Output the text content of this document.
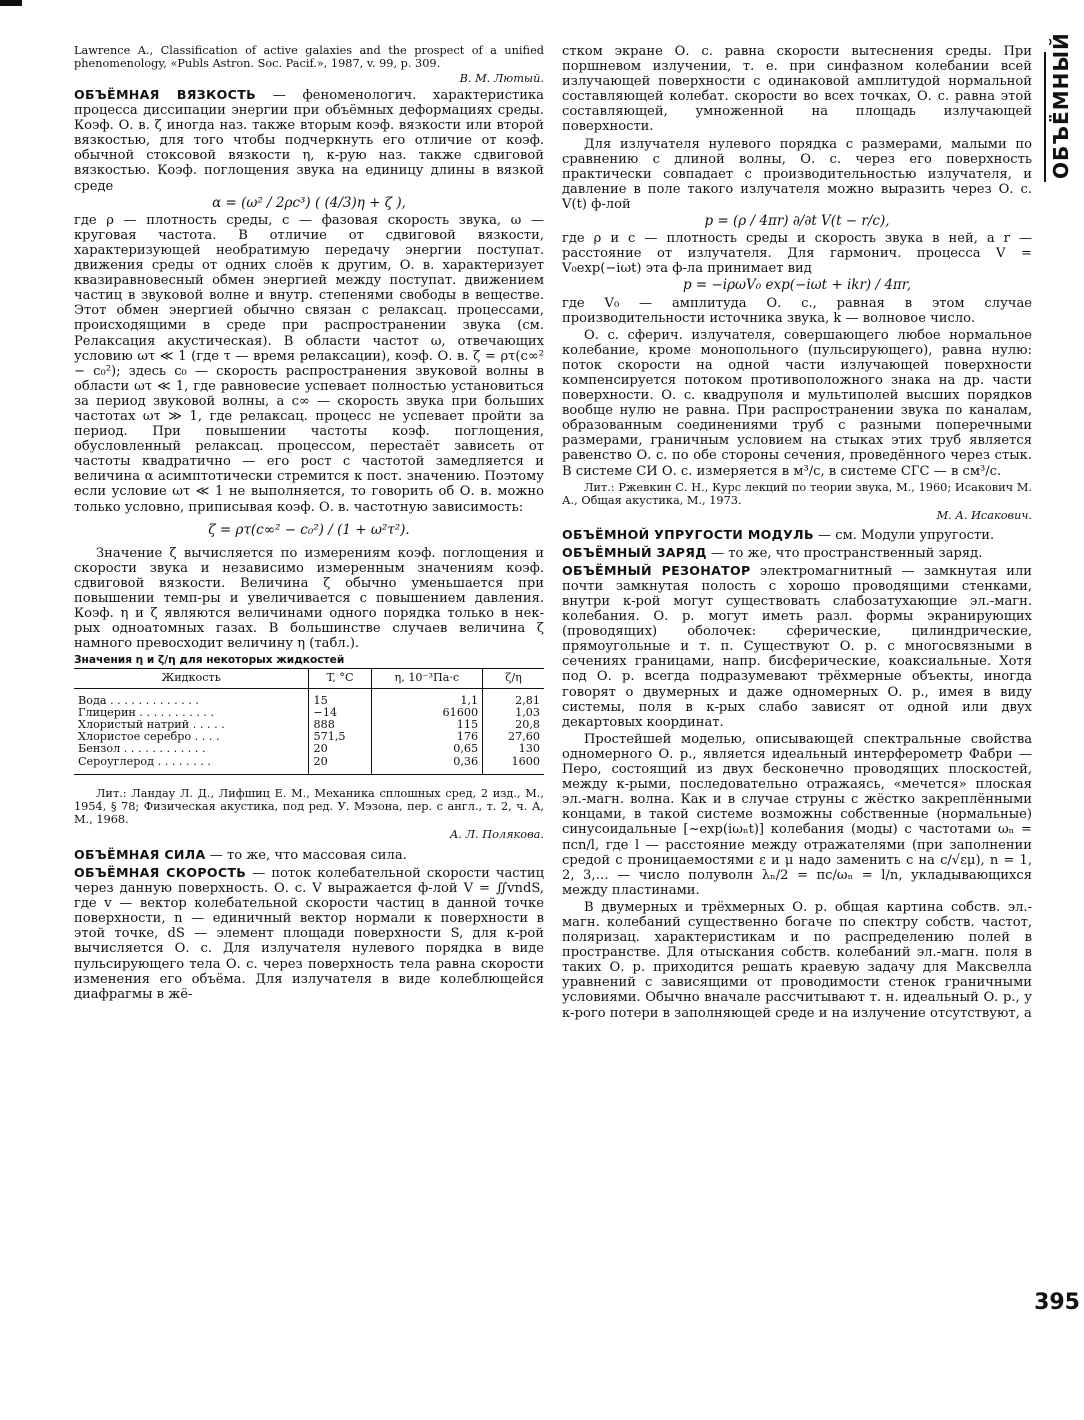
Lawrence A., Classification of active galaxies and the prospect of a unified phenomenology, «Publs Astron. Soc. Pacif.», 1987, v. 99, p. 309.

В. М. Лютый.

ОБЪЁМНАЯ ВЯЗКОСТЬ — феноменологич. характеристика процесса диссипации энергии при объёмных деформациях среды. Коэф. О. в. ζ иногда наз. также вторым коэф. вязкости или второй вязкостью, для того чтобы подчеркнуть его отличие от коэф. обычной стоксовой вязкости η, к-рую наз. также сдвиговой вязкостью. Коэф. поглощения звука на единицу длины в вязкой среде

α = (ω² / 2ρc³) ( (4/3)η + ζ ),

где ρ — плотность среды, c — фазовая скорость звука, ω — круговая частота. В отличие от сдвиговой вязкости, характеризующей необратимую передачу энергии поступат. движения среды от одних слоёв к другим, О. в. характеризует квазиравновесный обмен энергией между поступат. движением частиц в звуковой волне и внутр. степенями свободы в веществе. Этот обмен энергией обычно связан с релаксац. процессами, происходящими в среде при распространении звука (см. Релаксация акустическая). В области частот ω, отвечающих условию ωτ ≪ 1 (где τ — время релаксации), коэф. О. в. ζ = ρτ(c∞² − c₀²); здесь c₀ — скорость распространения звуковой волны в области ωτ ≪ 1, где равновесие успевает полностью установиться за период звуковой волны, а c∞ — скорость звука при больших частотах ωτ ≫ 1, где релаксац. процесс не успевает пройти за период. При повышении частоты коэф. поглощения, обусловленный релаксац. процессом, перестаёт зависеть от частоты квадратично — его рост с частотой замедляется и величина α асимптотически стремится к пост. значению. Поэтому если условие ωτ ≪ 1 не выполняется, то говорить об О. в. можно только условно, приписывая коэф. О. в. частотную зависимость:

ζ = ρτ(c∞² − c₀²) / (1 + ω²τ²).

Значение ζ вычисляется по измерениям коэф. поглощения и скорости звука и независимо измеренным значениям коэф. сдвиговой вязкости. Величина ζ обычно уменьшается при повышении темп-ры и увеличивается с повышением давления. Коэф. η и ζ являются величинами одного порядка только в нек-рых одноатомных газах. В большинстве случаев величина ζ намного превосходит величину η (табл.).

Значения η и ζ/η для некоторых жидкостей

Жидкость	T, °C	η, 10⁻³Па·с	ζ/η
Вода . . . . . . . . . . . . .	15	1,1	2,81
Глицерин . . . . . . . . . . .	−14	61600	1,03
Хлористый натрий . . . . .	888	115	20,8
Хлористое серебро . . . .	571,5	176	27,60
Бензол . . . . . . . . . . . .	20	0,65	130
Сероуглерод . . . . . . . .	20	0,36	1600

Лит.: Ландау Л. Д., Лифшиц Е. М., Механика сплошных сред, 2 изд., М., 1954, § 78; Физическая акустика, под ред. У. Мэзона, пер. с англ., т. 2, ч. А, М., 1968.

А. Л. Полякова.

ОБЪЁМНАЯ СИЛА — то же, что массовая сила.

ОБЪЁМНАЯ СКОРОСТЬ — поток колебательной скорости частиц через данную поверхность. О. с. V выражается ф-лой V = ∬vndS, где v — вектор колебательной скорости частиц в данной точке поверхности, n — единичный вектор нормали к поверхности в этой точке, dS — элемент площади поверхности S, для к-рой вычисляется О. с. Для излучателя нулевого порядка в виде пульсирующего тела О. с. через поверхность тела равна скорости изменения его объёма. Для излучателя в виде колеблющейся диафрагмы в жё-

стком экране О. с. равна скорости вытеснения среды. При поршневом излучении, т. е. при синфазном колебании всей излучающей поверхности с одинаковой амплитудой нормальной составляющей колебат. скорости во всех точках, О. с. равна этой составляющей, умноженной на площадь излучающей поверхности.

Для излучателя нулевого порядка с размерами, малыми по сравнению с длиной волны, О. с. через его поверхность практически совпадает с производительностью излучателя, и давление в поле такого излучателя можно выразить через О. с. V(t) ф-лой

p = (ρ / 4πr) ∂/∂t V(t − r/c),

где ρ и c — плотность среды и скорость звука в ней, a r — расстояние от излучателя. Для гармонич. процесса V = V₀exp(−iωt) эта ф-ла принимает вид

p = −iρωV₀ exp(−iωt + ikr) / 4πr,

где V₀ — амплитуда О. с., равная в этом случае производительности источника звука, k — волновое число.

О. с. сферич. излучателя, совершающего любое нормальное колебание, кроме монопольного (пульсирующего), равна нулю: поток скорости на одной части излучающей поверхности компенсируется потоком противоположного знака на др. части поверхности. О. с. квадруполя и мультиполей высших порядков вообще нулю не равна. При распространении звука по каналам, образованным соединениями труб с разными поперечными размерами, граничным условием на стыках этих труб является равенство О. с. по обе стороны сечения, проведённого через стык. В системе СИ О. с. измеряется в м³/с, в системе СГС — в см³/с.

Лит.: Ржевкин С. Н., Курс лекций по теории звука, М., 1960; Исакович М. А., Общая акустика, М., 1973.

М. А. Исакович.

ОБЪЁМНОЙ УПРУГОСТИ МОДУЛЬ — см. Модули упругости.

ОБЪЁМНЫЙ ЗАРЯД — то же, что пространственный заряд.

ОБЪЁМНЫЙ РЕЗОНАТОР электромагнитный — замкнутая или почти замкнутая полость с хорошо проводящими стенками, внутри к-рой могут существовать слабозатухающие эл.-магн. колебания. О. р. могут иметь разл. формы экранирующих (проводящих) оболочек: сферические, цилиндрические, прямоугольные и т. п. Существуют О. р. с многосвязными в сечениях границами, напр. бисферические, коаксиальные. Хотя под О. р. всегда подразумевают трёхмерные объекты, иногда говорят о двумерных и даже одномерных О. р., имея в виду системы, поля в к-рых слабо зависят от одной или двух декартовых координат.

Простейшей моделью, описывающей спектральные свойства одномерного О. р., является идеальный интерферометр Фабри — Перо, состоящий из двух бесконечно проводящих плоскостей, между к-рыми, последовательно отражаясь, «мечется» плоская эл.-магн. волна. Как и в случае струны с жёстко закреплёнными концами, в такой системе возможны собственные (нормальные) синусоидальные [~exp(iωₙt)] колебания (моды) с частотами ωₙ = πcn/l, где l — расстояние между отражателями (при заполнении средой с проницаемостями ε и μ надо заменить c на c/√εμ), n = 1, 2, 3,… — число полуволн λₙ/2 = πc/ωₙ = l/n, укладывающихся между пластинами.

В двумерных и трёхмерных О. р. общая картина собств. эл.-магн. колебаний существенно богаче по спектру собств. частот, поляризац. характеристикам и по распределению полей в пространстве. Для отыскания собств. колебаний эл.-магн. поля в таких О. р. приходится решать краевую задачу для Максвелла уравнений с зависящими от проводимости стенок граничными условиями. Обычно вначале рассчитывают т. н. идеальный О. р., у к-рого потери в заполняющей среде и на излучение отсутствуют, а

ОБЪЁМНЫЙ
395
